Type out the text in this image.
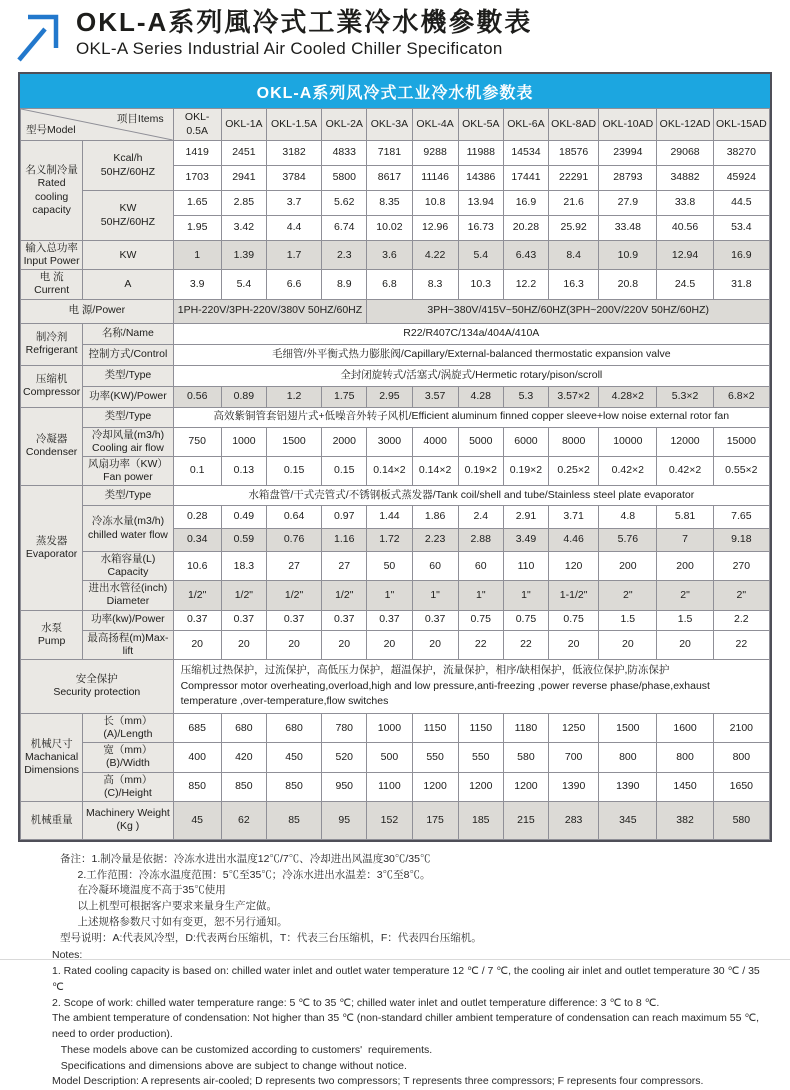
OKL-A系列風冷式工業冷水機參數表
OKL-A Series Industrial Air Cooled Chiller Specificaton
OKL-A系列风冷式工业冷水机参数表
型号Model
项目Items		OKL-0.5A	OKL-1A	OKL-1.5A	OKL-2A	OKL-3A	OKL-4A	OKL-5A	OKL-6A	OKL-8AD	OKL-10AD	OKL-12AD	OKL-15AD
名义制冷量
Rated
cooling
capacity	Kcal/h
50HZ/60HZ	1419	2451	3182	4833	7181	9288	11988	14534	18576	23994	29068	38270
		1703	2941	3784	5800	8617	11146	14386	17441	22291	28793	34882	45924
	KW
50HZ/60HZ	1.65	2.85	3.7	5.62	8.35	10.8	13.94	16.9	21.6	27.9	33.8	44.5
		1.95	3.42	4.4	6.74	10.02	12.96	16.73	20.28	25.92	33.48	40.56	53.4
输入总功率
Input Power	KW	1	1.39	1.7	2.3	3.6	4.22	5.4	6.43	8.4	10.9	12.94	16.9
电 流
Current	A	3.9	5.4	6.6	8.9	6.8	8.3	10.3	12.2	16.3	20.8	24.5	31.8
电 源/Power		1PH-220V/3PH-220V/380V 50HZ/60HZ				3PH~380V/415V~50HZ/60HZ(3PH~200V/220V 50HZ/60HZ)							
制冷剂
Refrigerant	名称/Name	R22/R407C/134a/404A/410A											
	控制方式/Control	毛细管/外平衡式热力膨胀阀/Capillary/External-balanced thermostatic expansion valve											
压缩机
Compressor	类型/Type	全封闭旋转式/活塞式/涡旋式/Hermetic rotary/pison/scroll											
	功率(KW)/Power	0.56	0.89	1.2	1.75	2.95	3.57	4.28	5.3	3.57×2	4.28×2	5.3×2	6.8×2
冷凝器
Condenser	类型/Type	高效紫铜管套铝翅片式+低噪音外转子风机/Efficient aluminum finned copper sleeve+low noise external rotor fan											
	冷却风量(m3/h)
Cooling air flow	750	1000	1500	2000	3000	4000	5000	6000	8000	10000	12000	15000
	风扇功率（KW）
Fan power	0.1	0.13	0.15	0.15	0.14×2	0.14×2	0.19×2	0.19×2	0.25×2	0.42×2	0.42×2	0.55×2
蒸发器
Evaporator	类型/Type	水箱盘管/干式壳管式/不锈钢板式蒸发器/Tank coil/shell and tube/Stainless steel plate evaporator											
	冷冻水量(m3/h)
chilled water flow	0.28	0.49	0.64	0.97	1.44	1.86	2.4	2.91	3.71	4.8	5.81	7.65
		0.34	0.59	0.76	1.16	1.72	2.23	2.88	3.49	4.46	5.76	7	9.18
	水箱容量(L)
Capacity	10.6	18.3	27	27	50	60	60	110	120	200	200	270
	进出水管径(inch)
Diameter	1/2"	1/2"	1/2"	1/2"	1"	1"	1"	1"	1-1/2"	2"	2"	2"
水泵
Pump	功率(kw)/Power	0.37	0.37	0.37	0.37	0.37	0.37	0.75	0.75	0.75	1.5	1.5	2.2
	最高扬程(m)Max-lift	20	20	20	20	20	20	22	22	20	20	20	22
安全保护
Security protection		压缩机过热保护，过流保护，高低压力保护，超温保护，流量保护，相序/缺相保护，低液位保护,防冻保护
Compressor motor overheating,overload,high and low pressure,anti-freezing ,power reverse phase/phase,exhaust temperature ,over-temperature,flow switches											
机械尺寸
Machanical
Dimensions	长（mm）(A)/Length	685	680	680	780	1000	1150	1150	1180	1250	1500	1600	2100
	宽（mm）(B)/Width	400	420	450	520	500	550	550	580	700	800	800	800
	高（mm）(C)/Height	850	850	850	950	1100	1200	1200	1200	1390	1390	1450	1650
机械重量	Machinery Weight
(Kg )	45	62	85	95	152	175	185	215	283	345	382	580
备注：1.制冷量是依据：冷冻水进出水温度12℃/7℃、冷却进出风温度30℃/35℃
2.工作范围：冷冻水温度范围：5℃至35℃；冷冻水进出水温差：3℃至8℃。
在冷凝环境温度不高于35℃使用
以上机型可根据客户要求来量身生产定做。
上述规格参数尺寸如有变更，恕不另行通知。
型号说明：A:代表风冷型，D:代表两台压缩机，T：代表三台压缩机，F：代表四台压缩机。
Notes:
1. Rated cooling capacity is based on: chilled water inlet and outlet water temperature 12 ℃ / 7 ℃, the cooling air inlet and outlet temperature 30 ℃ / 35 ℃
2. Scope of work: chilled water temperature range: 5 ℃ to 35 ℃; chilled water inlet and outlet temperature difference: 3 ℃ to 8 ℃.
The ambient temperature of condensation: Not higher than 35 ℃ (non-standard chiller ambient temperature of condensation can reach maximum 55 ℃, need to order production).
These models above can be customized according to customers'  requirements.
Specifications and dimensions above are subject to change without notice.
Model Description: A represents air-cooled; D represents two compressors; T represents three compressors; F represents four compressors.
